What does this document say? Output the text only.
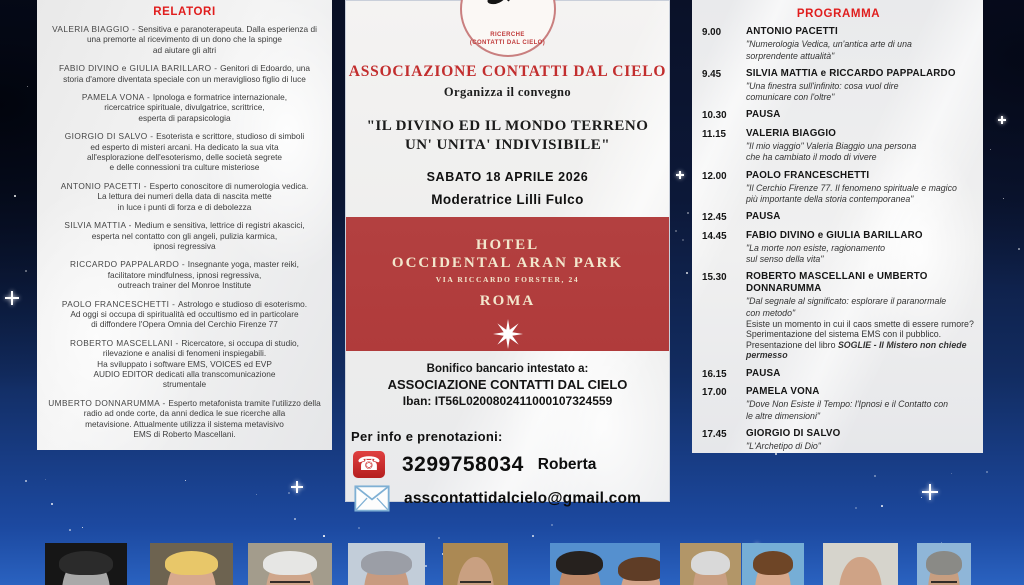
RELATORI
VALERIA BIAGGIO - Sensitiva e paranoterapeuta. Dalla esperienza di
una premorte al ricevimento di un dono che la spinge
ad aiutare gli altri
FABIO DIVINO e GIULIA BARILLARO - Genitori di Edoardo, una
storia d'amore diventata speciale con un meraviglioso figlio di luce
PAMELA VONA - Ipnologa e formatrice internazionale,
ricercatrice spirituale, divulgatrice, scrittrice,
esperta di parapsicologia
GIORGIO DI SALVO - Esoterista e scrittore, studioso di simboli
ed esperto di misteri arcani. Ha dedicato la sua vita
all'esplorazione dell'esoterismo, delle società segrete
e delle connessioni tra culture misteriose
ANTONIO PACETTI - Esperto conoscitore di numerologia vedica.
La lettura dei numeri della data di nascita mette
in luce i punti di forza e di debolezza
SILVIA MATTIA - Medium e sensitiva, lettrice di registri akascici,
esperta nel contatto con gli angeli, pulizia karmica,
ipnosi regressiva
RICCARDO PAPPALARDO - Insegnante yoga, master reiki,
facilitatore mindfulness, ipnosi regressiva,
outreach trainer del Monroe Institute
PAOLO FRANCESCHETTI - Astrologo e studioso di esoterismo.
Ad oggi si occupa di spiritualità ed occultismo ed in particolare
di diffondere l'Opera Omnia del Cerchio Firenze 77
ROBERTO MASCELLANI - Ricercatore, si occupa di studio,
rilevazione e analisi di fenomeni inspiegabili.
Ha sviluppato i software EMS, VOICES ed EVP
AUDIO EDITOR dedicati alla transcomunicazione
strumentale
UMBERTO DONNARUMMA - Esperto metafonista tramite l'utilizzo della
radio ad onde corte, da anni dedica le sue ricerche alla
metavisione. Attualmente utilizza il sistema metavisivo
EMS di Roberto Mascellani.
RICERCHE
(CONTATTI DAL CIELO)
ASSOCIAZIONE CONTATTI DAL CIELO
Organizza il convegno
"IL DIVINO ED IL MONDO TERRENO
UN' UNITA' INDIVISIBILE"
SABATO 18 APRILE 2026
Moderatrice Lilli Fulco
HOTEL
OCCIDENTAL ARAN PARK
VIA RICCARDO FORSTER, 24
ROMA
Bonifico bancario intestato a:
ASSOCIAZIONE CONTATTI DAL CIELO
Iban: IT56L0200802411000107324559
Per info e prenotazioni:
☎ 3299758034 Roberta
asscontattidalcielo@gmail.com
PROGRAMMA
9.00	ANTONIO PACETTI
"Numerologia Vedica, un'antica arte di una
sorprendente attualità"
9.45	SILVIA MATTIA e RICCARDO PAPPALARDO
"Una finestra sull'infinito: cosa vuol dire
comunicare con l'oltre"
10.30	PAUSA
11.15	VALERIA BIAGGIO
"Il mio viaggio" Valeria Biaggio una persona
che ha cambiato il modo di vivere
12.00	PAOLO FRANCESCHETTI
"Il Cerchio Firenze 77. Il fenomeno spirituale e magico
più importante della storia contemporanea"
12.45	PAUSA
14.45	FABIO DIVINO e GIULIA BARILLARO
"La morte non esiste, ragionamento
sul senso della vita"
15.30	ROBERTO MASCELLANI e UMBERTO DONNARUMMA
"Dal segnale al significato: esplorare il paranormale
con metodo"
Esiste un momento in cui il caos smette di essere rumore?
Sperimentazione del sistema EMS con il pubblico.
Presentazione del libro SOGLIE - Il Mistero non chiede permesso
16.15	PAUSA
17.00	PAMELA VONA
"Dove Non Esiste il Tempo: l'Ipnosi e il Contatto con
le altre dimensioni"
17.45	GIORGIO DI SALVO
"L'Archetipo di Dio"
